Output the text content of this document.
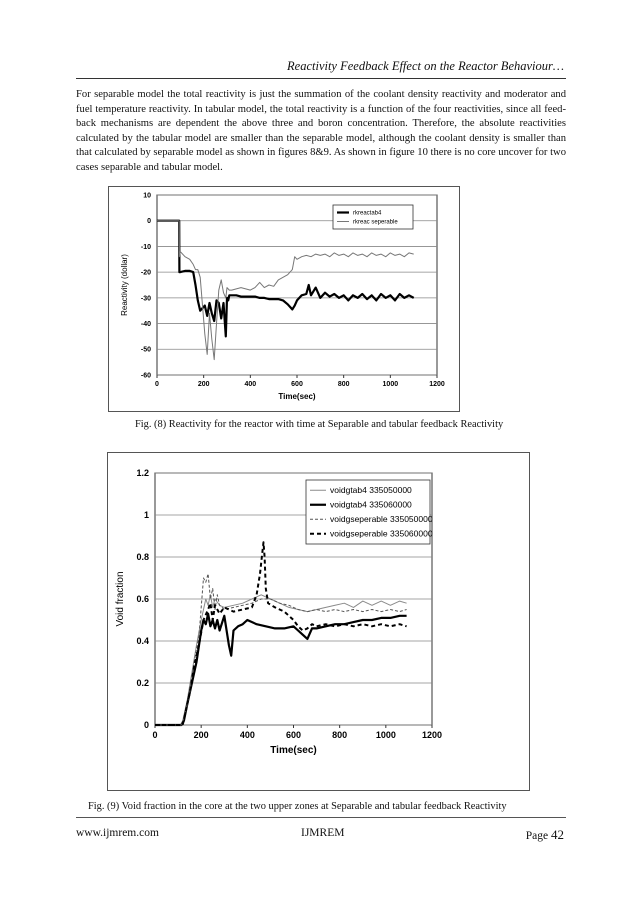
Reactivity Feedback Effect on the Reactor Behaviour…

For separable model the total reactivity is just the summation of the coolant density reactivity and moderator and fuel temperature reactivity. In tabular model, the total reactivity is a function of the four reactivities, since all feed-back mechanisms are dependent the above three and boron concentration. Therefore, the absolute reactivities calculated by the tabular model are smaller than the separable model, although the coolant density is smaller than that calculated by separable model as shown in figures 8&9. As shown in figure 10 there is no core uncover for two cases separable and tabular model.

10
0
-10
-20
-30
-40
-50
-60
0	200	400	600	800	1000	1200
Time(sec)
Reactivity (dollar)
rkreactab4
rkreac seperable
Fig. (8) Reactivity for the reactor with time at Separable and tabular feedback Reactivity
1.2
1
0.8
0.6
0.4
0.2
0
0	200	400	600	800	1000	1200
Time(sec)
Void fraction
voidgtab4 335050000
voidgtab4 335060000
voidgseperable 335050000
voidgseperable 335060000
Fig. (9) Void fraction in the core at the two upper zones at Separable and tabular feedback Reactivity
www.ijmrem.com	IJMREM	Page 42
